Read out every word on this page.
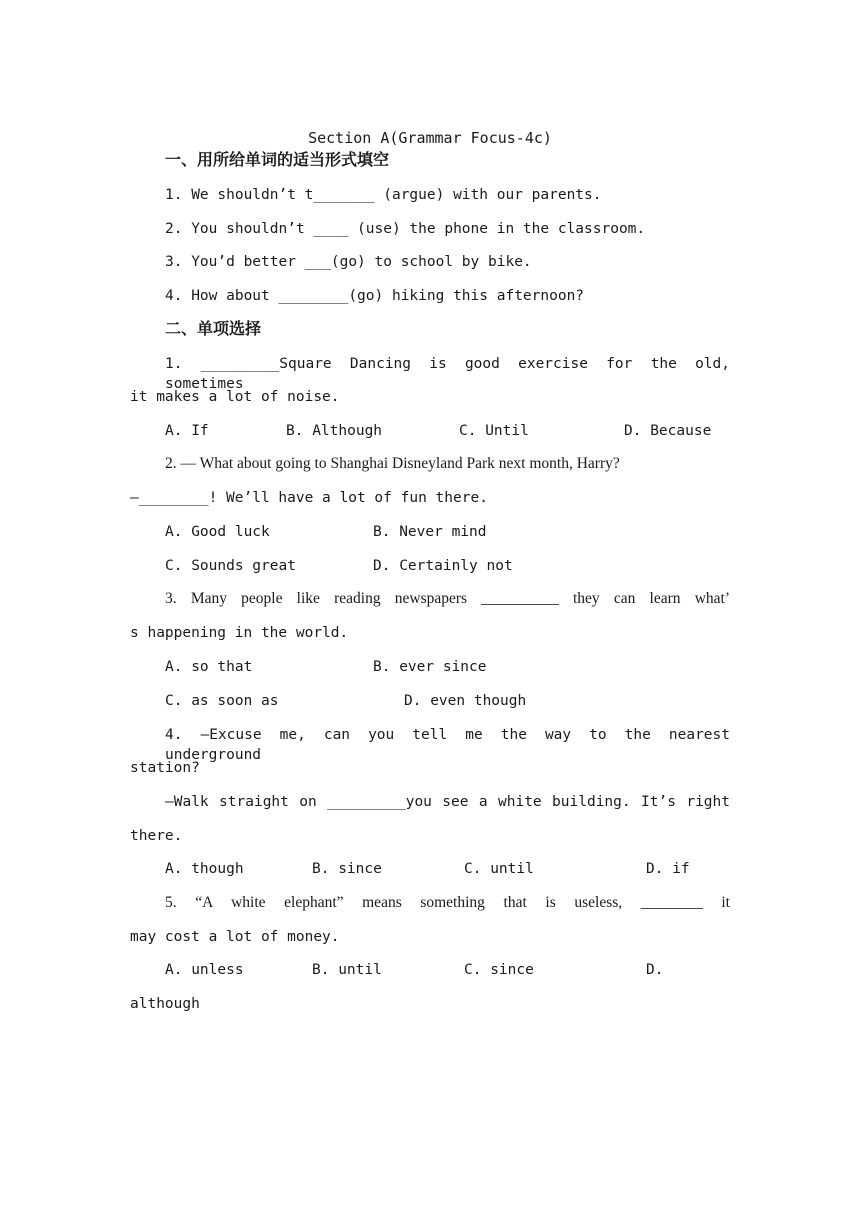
Section A(Grammar Focus-4c)
一、用所给单词的适当形式填空
1. We shouldn’t t_______ (argue) with our parents.
2. You shouldn’t ____ (use) the phone in the classroom.
3. You’d better ___(go) to school by bike.
4. How about ________(go) hiking this afternoon?
二、单项选择
1. _________Square Dancing is good exercise for the old, sometimes
it makes a lot of noise.
A. If	B. Although	C. Until	D. Because
2. — What about going to Shanghai Disneyland Park next month, Harry?
—________! We’ll have a lot of fun there.
A. Good luck	B. Never mind
C. Sounds great	D. Certainly not
3. Many people like reading newspapers __________ they can learn what’
s happening in the world.
A. so that	B. ever since
C. as soon as	D. even though
4. —Excuse me, can you tell me the way to the nearest underground
station?
—Walk straight on _________you see a white building. It’s right
there.
A. though	B. since	C. until	D. if
5. “A white elephant” means something that is useless, ________ it
may cost a lot of money.
A. unless	B. until	C. since	D.
although
